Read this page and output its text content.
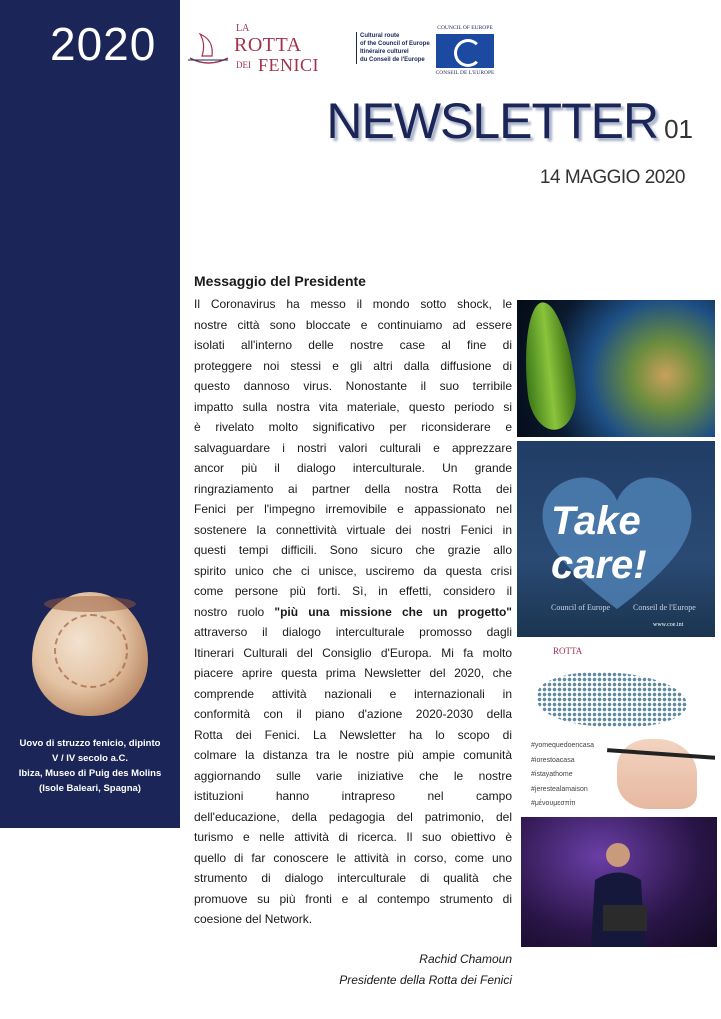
2020
Uovo di struzzo fenicio, dipinto
V / IV secolo a.C.
Ibiza, Museo di Puig des Molins
(Isole Baleari, Spagna)
LA
ROTTA
DEI FENICI
Cultural route
of the Council of Europe
Itinéraire culturel
du Conseil de l'Europe
COUNCIL OF EUROPE
CONSEIL DE L'EUROPE
NEWSLETTER 01
14 MAGGIO 2020
Messaggio del Presidente
Il Coronavirus ha messo il mondo sotto shock, le
nostre città sono bloccate e continuiamo ad essere
isolati all'interno delle nostre case al fine di
proteggere noi stessi e gli altri dalla diffusione di
questo dannoso virus. Nonostante il suo terribile
impatto sulla nostra vita materiale, questo periodo si
è rivelato molto significativo per riconsiderare e
salvaguardare i nostri valori culturali e apprezzare
ancor più il dialogo interculturale. Un grande
ringraziamento ai partner della nostra Rotta dei
Fenici per l'impegno irremovibile e appassionato nel
sostenere la connettività virtuale dei nostri Fenici in
questi tempi difficili. Sono sicuro che grazie allo
spirito unico che ci unisce, usciremo da questa crisi
come persone più forti. Sì, in effetti, considero il
nostro ruolo "più una missione che un progetto"
attraverso il dialogo interculturale promosso dagli
Itinerari Culturali del Consiglio d'Europa. Mi fa molto
piacere aprire questa prima Newsletter del 2020, che
comprende attività nazionali e internazionali in
conformità con il piano d'azione 2020-2030 della
Rotta dei Fenici. La Newsletter ha lo scopo di
colmare la distanza tra le nostre più ampie comunità
aggiornando sulle varie iniziative che le nostre
istituzioni hanno intrapreso nel campo
dell'educazione, della pedagogia del patrimonio, del
turismo e nelle attività di ricerca. Il suo obiettivo è
quello di far conoscere le attività in corso, come uno
strumento di dialogo interculturale di qualità che
promuove su più fronti e al contempo strumento di
coesione del Network.
Rachid Chamoun
Presidente della Rotta dei Fenici
Take care!
Council of Europe	Conseil de l'Europe
www.coe.int
ROTTA
#yomequedoencasa
#iorestoacasa
#istayathome
#jerestealamaison
#μένουμεσπίτι
